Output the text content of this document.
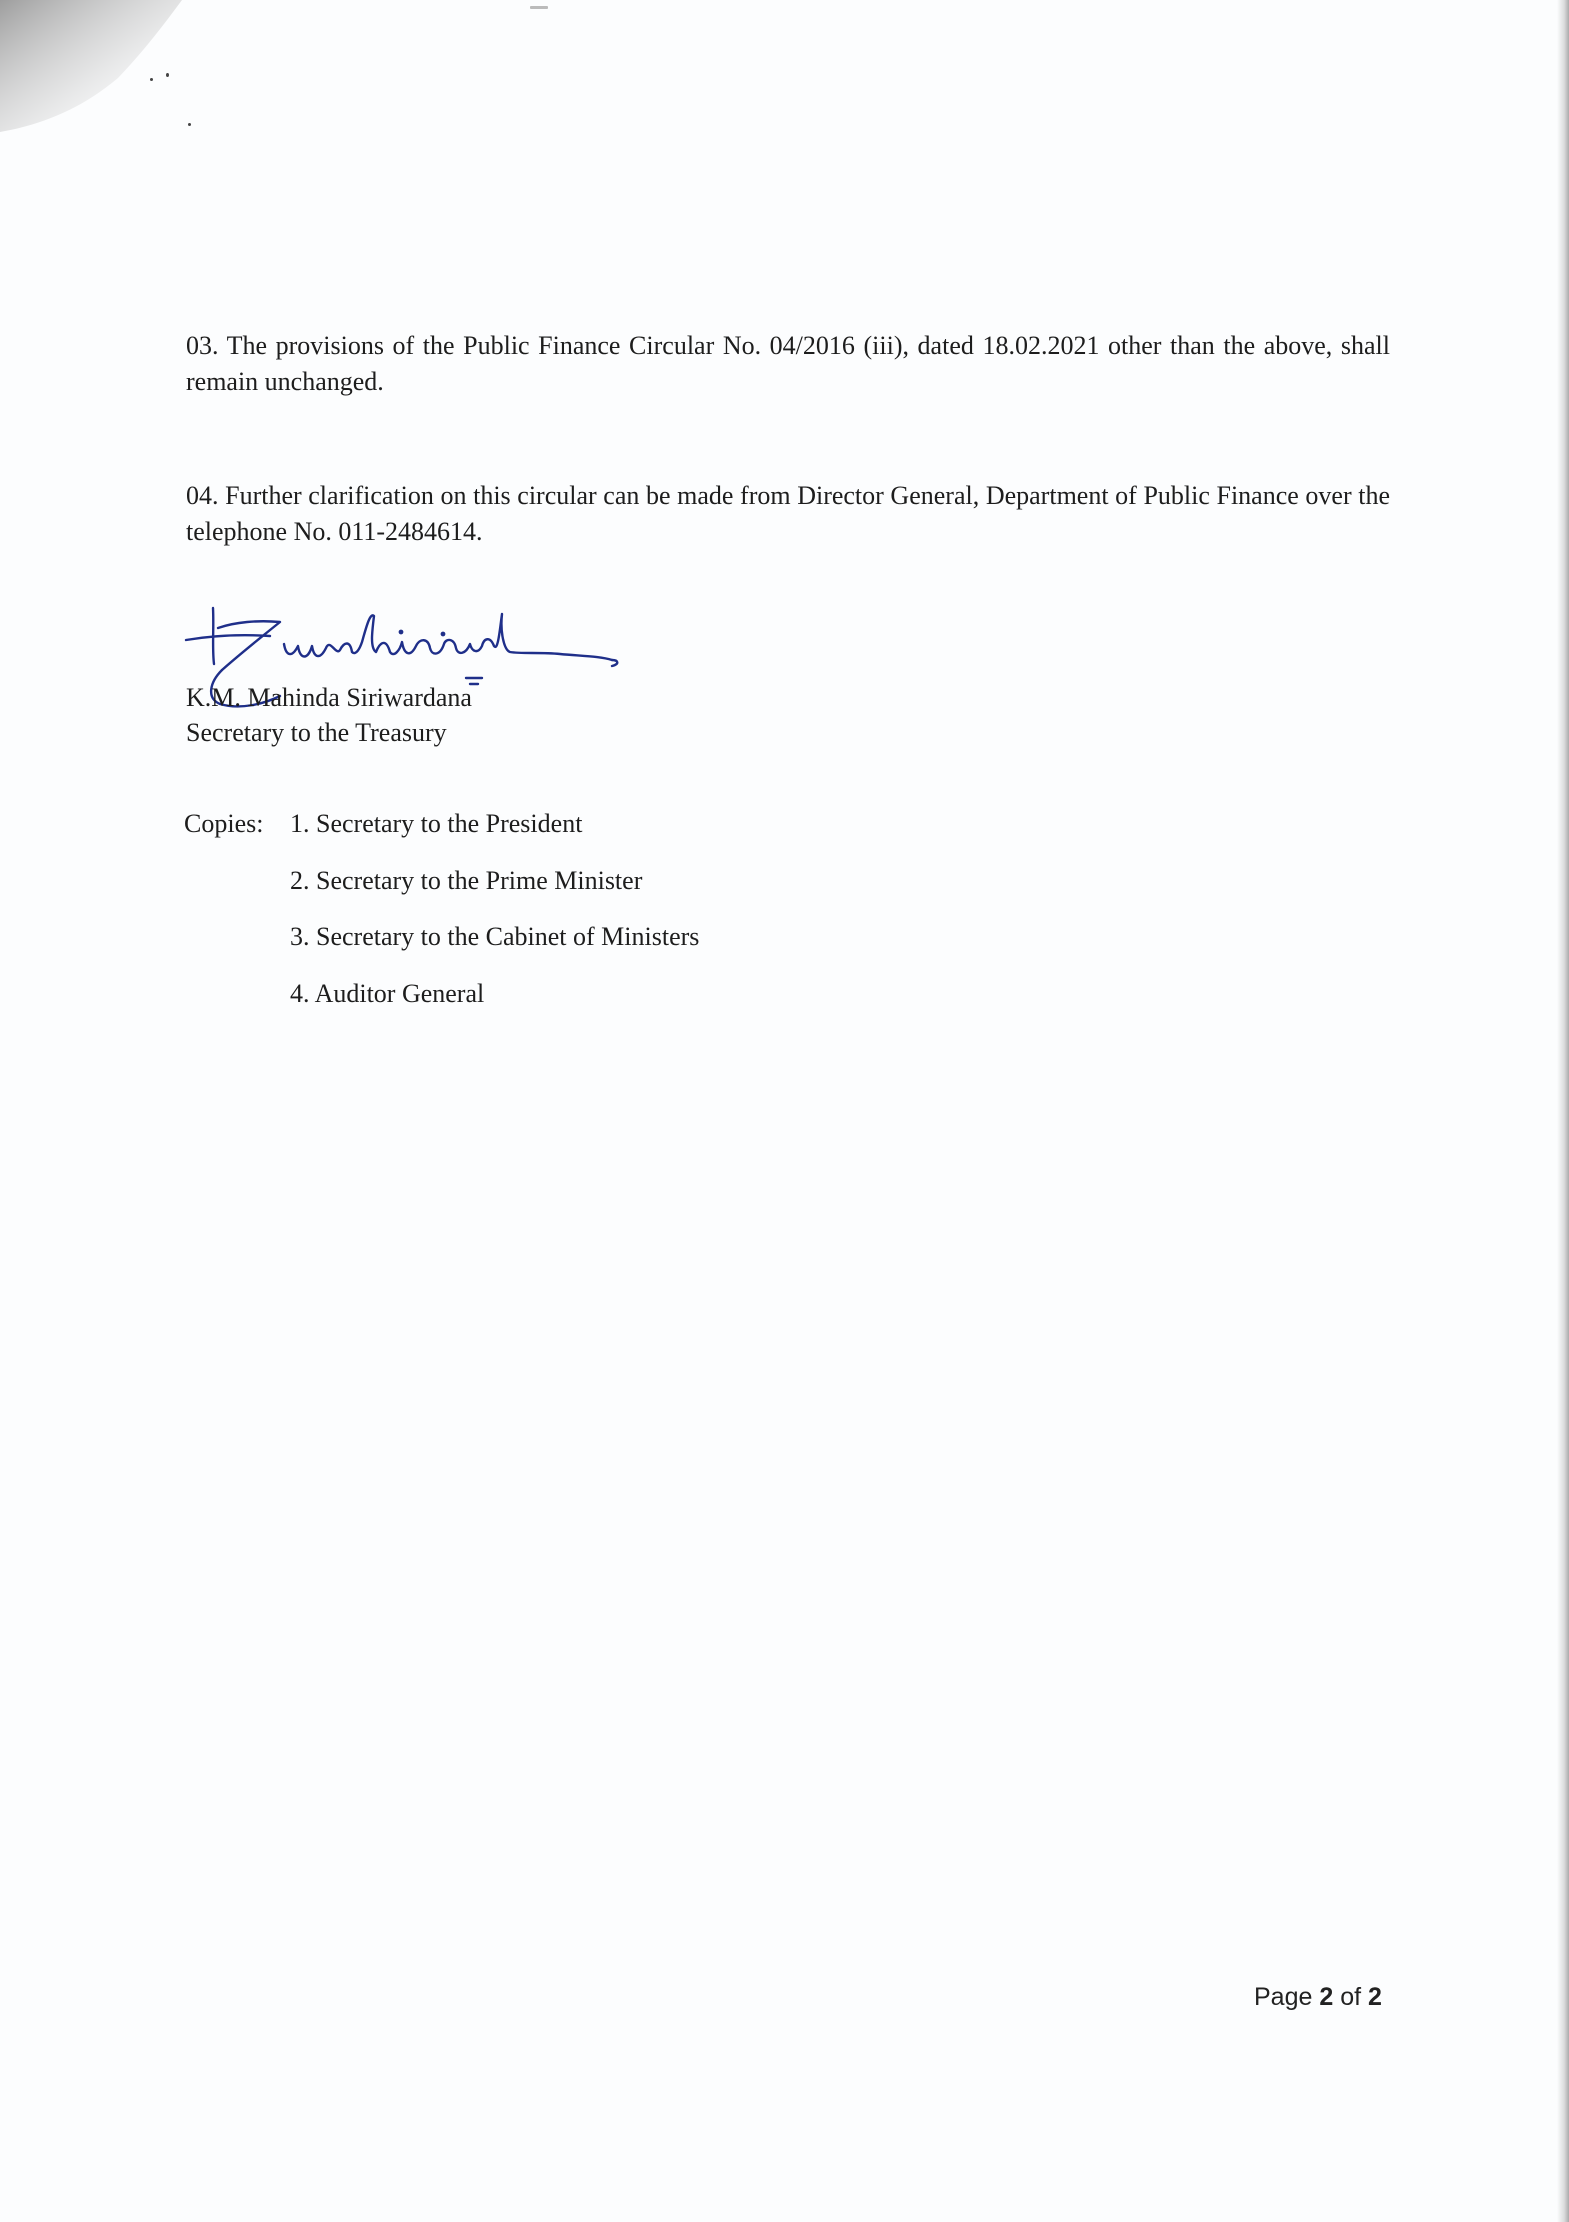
03. The provisions of the Public Finance Circular No. 04/2016 (iii), dated 18.02.2021 other than the above, shall remain unchanged.

04. Further clarification on this circular can be made from Director General, Department of Public Finance over the telephone No. 011-2484614.

K.M. Mahinda Siriwardana

Secretary to the Treasury

Copies: 1. Secretary to the President
2. Secretary to the Prime Minister
3. Secretary to the Cabinet of Ministers
4. Auditor General
Page 2 of 2
